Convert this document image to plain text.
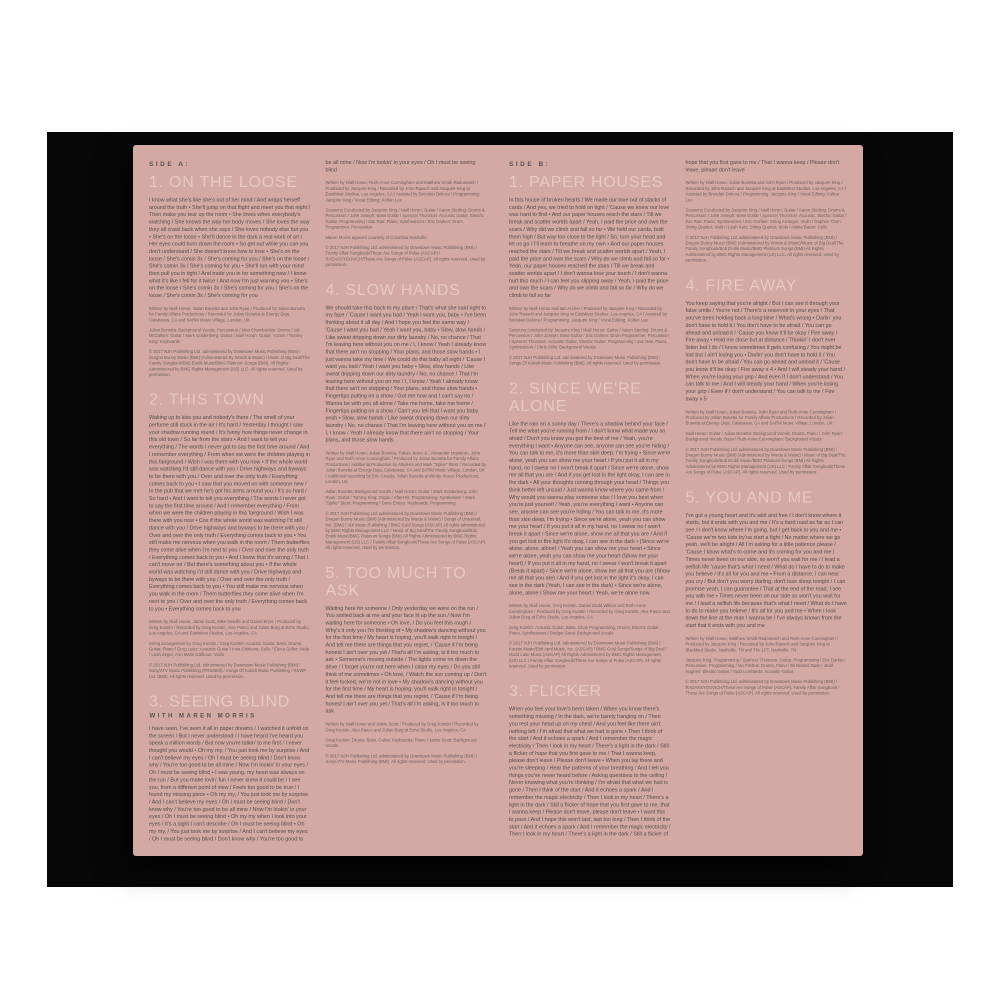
SIDE A:
1. ON THE LOOSE

I know what she's like she's out of her mind / And wraps herself around the truth • She'll jump on that flight and meet you that night / Then make you tear up the room • She loves when everybody's watching / She knows the way her body moves / She loves the way they all crawl back when she says / She loves nobody else but you • She's on the loose • She'll dance in the dark a real work of art / Her eyes could burn down the room • So get out while you can you don't understand / She doesn't know how to lose • She's on the loose / She's comin 3x / She's coming for you / She's on the loose / She's comin 3x / She's coming for you • She'll run with your mind then pull you in tight / And trade you in for something new / I know what it's like I fell for it twice / And now I'm just warning you • She's on the loose / She's comin 3x / She's coming for you / She's on the loose / She's comin 3x / She's coming for you

Written by Niall Horan, Julian Bunetta and John Ryan / Produced by Julian Bunetta for Family Affairs Productions / Recorded by Julian Bunetta at Energy Deja, Calabasas, CA and SARM Music Village, London, UK

Julian Bunetta: Background Vocals, Percussion / Matt Chamberlain: Drums / Val McCallum: Guitar / Mark Goldenberg: Guitar / Niall Horan: Guitar, Vocals / Tommy King: Keyboards

© 2017 NJH Publishing Ltd. administered by Downtown Music Publishing (BMI) / Dragon Bunny Music (BMI) (Administered By Words & Music) / Music of Big Deal/The Family Songbook/Bob Erotik Music/BMG Platinum Songs (BMI). All Rights Administered by BMG Rights Management (US) LLC. All rights reserved. Used by permission.

2. THIS TOWN

Waking up to kiss you and nobody's there / The smell of your perfume still stuck in the air / It's hard / Yesterday I thought I saw your shadow running round / It's funny how things never change in this old town / So far from the stars • And I want to tell you everything / The words I never got to say the first time around / And I remember everything / From when we were the children playing in this fairground / Wish I was there with you now • If the whole world was watching I'd still dance with you / Drive highways and byways to be there with you / Over and over the only truth / Everything comes back to you • I saw that you moved on with someone new / In the pub that we met he's got his arms around you / It's so hard / So hard • And I want to tell you everything / The words I never got to say the first time around / And I remember everything / From when we were the children playing in this fairground / Wish I was there with you now • Cos if the whole world was watching I'd still dance with you / Drive highways and byways to be there with you / Over and over the only truth / Everything comes back to you • You still make me nervous when you walk in the room / Them butterflies they come alive when I'm next to you / Over and over the only truth / Everything comes back to you • And I know that it's wrong / That I can't move on / But there's something about you • If the whole world was watching I'd still dance with you / Drive highways and byways to be there with you / Over and over the only truth / Everything comes back to you • You still make me nervous when you walk in the room / Them butterflies they come alive when I'm next to you / Over and over the only truth / Everything comes back to you • Everything comes back to you

Written by Niall Horan, Jamie Scott, Mike Needle and Daniel Bryer / Produced by Greg Kurstin / Recorded by Greg Kurstin, Alex Pasco and Julian Burg at Echo Studio, Los Angeles, CA and EastWest Studios, Los Angeles, CA

String arrangement by Greg Kurstin / Greg Kurstin: Acoustic Guitar, Bass, Drums, Guitar, Piano / Greg Leisz: Acoustic Guitar / Irina Chirkova: Cello / Elena Geller: Viola / Leah Zeger, Ann Marie Calhoun: Violin

© 2017 NJH Publishing Ltd. administered by Downtown Music Publishing (BMI) / Sony/ATV Music Publishing (PRS/BMI) / Songs Of Kobalt Music Publishing / RSWP Ltd. (BMI). All rights reserved. Used by permission.

3. SEEING BLIND
WITH MAREN MORRIS

I have seen, I've seen it all in paper dreams / I watched it unfold on the screen / But I never understood / I have heard I've heard you speak a million words / But now you're talkin' to me first / I never thought you would • Oh my my, / You just took me by surprise / And I can't believe my eyes / Oh I must be seeing blind / Don't know why / You're too good to be all mine / Now I'm lookin' in your eyes / Oh I must be seeing blind • I was young, my heart was always on the run / But you make lovin' fun I never knew it could be / I see you, from a different point of view / Feels too good to be true / I found my missing piece • Oh my my, / You just took me by surprise / And I can't believe my eyes / Oh I must be seeing blind / Don't know why / You're too good to be all mine / Now I'm lookin' in your eyes / Oh I must be seeing blind • Oh my my when I look into your eyes / It's a sight I can't describe / Oh I must be seeing blind • Oh my my, / You just took me by surprise / And I can't believe my eyes / Oh I must be seeing blind / Don't know why / You're too good to be all mine / Now I'm lookin' in your eyes / Oh I must be seeing blind

Written by Niall Horan, Ruth-Anne Cunningham and Matthew Smith Radosevich / Produced by Jacquire King / Recorded by John Rausch and Jacquire King at EastWest Studios, Los Angeles, CA / Assisted by Brendan Dekora / Programming: Jacquire King / Vocal Editing: Kolton Lee

Sessions Conducted by Jacquire King / Niall Horan: Guitar / Aaron Sterling: Drums & Percussion / John Joseph: Bass Guitar / Spencer Thomson: Acoustic Guitar, Electric Guitar, Programming / Zac Rae: Piano, Synthesizers / Eric Darken: Drum Programmer, Percussion

Maren Morris appears courtesy of Columbia Nashville

© 2017 NJH Publishing Ltd. administered by Downtown Music Publishing (BMI) / Family Affair Songbook/These Are Songs of Pulse (ASCAP) / RADASSYOUVICH/These Are Songs of Pulse (ASCAP). All rights reserved. Used by permission.

4. SLOW HANDS

We should take this back to my place / That's what she said right to my face / 'Cause I want you bad / Yeah I want you, baby • I've been thinking about it all day / And I hope you feel the same way / 'Cause I want you bad / Yeah I want you, baby • Slow, slow hands / Like sweat dripping down our dirty laundry / No, no chance / That I'm leaving here without you on me / I, I know / Yeah I already know that there ain't no stopping / Your plans, and those slow hands • I just wanna take my time / We could do this baby all night / 'Cause I want you bad / Yeah I want you baby • Slow, slow hands / Like sweat dripping down our dirty laundry / No, no chance / That I'm leaving here without you on me / I, I know / Yeah I already know that there ain't no stopping / Your plans, and those slow hands • Fingertips putting on a show / Got me now and I can't say no / Wanna be with you all alone / Take me home, take me home / Fingertips putting on a show / Can't you tell that I want you baby yeah • Slow, slow hands / Like sweat dripping down our dirty laundry / No, no chance / That I'm leaving here without you on me / I, I know / Yeah I already know that there ain't no stopping / Your plans, and those slow hands

Written by Niall Horan, Julian Bunetta, Tobias Jesso Jr., Alexander Izquierdo, John Ryan and Ruth-Anne Cunningham / Produced by Julian Bunetta for Family Affairs Productions / Additional Production by AfterHrs and Mark "Spike" Stent / Recorded by Julian Bunetta at Energy Deja, Calabasas, CA and SARM Music Village, London, UK / Additional recording by Eric Greedy, Julian Bunetta at Windy House Productions, London, UK

Julian Bunetta: Background Vocals / Niall Horan: Guitar / Mark Goldenberg, John Ryan: Guitar / Tommy King: Organ / AfterHrs: Programming, Synthesizer / Mark "Spike" Stent: Programming / Dave Emery: Keyboards, Programming

© 2017 NJH Publishing Ltd. administered by Downtown Music Publishing (BMI) / Dragon Bunny Music (BMI) (Administered by Words & Music) / Songs of Universal, Inc. (BMI) / AIX Music Publishing / BMG Gold Songs (ASCAP) All rights administered by BMG Rights Management LLC / Music of Big Deal/The Family Songbook/Bob Erotik Music/BMG Platinum Songs (BMI) All Rights Administered by BMG Rights Management (US) LLC / Family Affair Songbook/These Are Songs of Pulse (ASCAP). All rights reserved. Used by permission.

5. TOO MUCH TO ASK

Waiting here for someone / Only yesterday we were on the run / You smiled back at me and your face lit up the sun / Now I'm waiting here for someone • Oh love, / Do you feel this rough / Why's it only you I'm thinking of • My shadow's dancing without you for the first time / My heart is hoping, you'll walk right in tonight / And tell me there are things that you regret, / 'Cause if I'm being honest I ain't over you yet / That's all I'm asking, is it too much to ask • Someone's moving outside / The lights come on down the drive / I forget you're not here when I close my eyes / Do you still think of me sometimes • Oh love, / Watch the sun coming up / Don't it feel fucked, we're not in love • My shadow's dancing without you for the first time / My heart is hoping, you'll walk right in tonight / And tell me there are things that you regret, / 'Cause if I'm being honest I ain't over you yet / That's all I'm asking, is it too much to ask

Written by Niall Horan and Jamie Scott / Produced by Greg Kurstin / Recorded by Greg Kurstin, Alex Pasco and Julian Burg at Echo Studio, Los Angeles, CA

Greg Kurstin: Drums, Bass, Guitar, Keyboards, Piano / Jamie Scott: Background Vocals

© 2017 NJH Publishing Ltd. administered by Downtown Music Publishing (BMI) / Sony/ATV Music Publishing (BMI). All rights reserved. Used by permission.

SIDE B:
1. PAPER HOUSES

In this house of broken hearts / We made our love out of stacks of cards / And yes, we tried to hold on tight / 'Cause we knew our love was hard to find • And our paper houses reach the stars / Till we break and scatter worlds apart / Yeah, I paid the price and own the scars / Why did we climb and fall so far • We held our cards, built them high / But way too close to the light / So, turn your head and let us go / I'll learn to breathe on my own • And our paper houses reached the stars / Till we break and scatter worlds apart / Yeah, I paid the price and own the scars / Why do we climb and fall so far • Yeah, our paper houses reached the stars / Till we break and scatter worlds apart / I don't wanna lose your touch / I don't wanna hurt this much / I can feel you slipping away / Yeah, I paid the price and own the scars / Why do we climb and fall so far / Why do we climb to fall so far

Written by Niall Horan and Iain Archer / Produced by Jacquire King / Recorded by John Rausch and Jacquire King at EastWest Studios, Los Angeles, CA / Assisted by Brendan Dekora / Programming: Jacquire King / Vocal Editing: Kolton Lee

Sessions conducted by Jacquire King / Niall Horan: Guitar / Aaron Sterling: Drums & Percussion / John Joseph: Bass Guitar / Eric Darken: Drum Programmer, Percussion / Spencer Thomson: Acoustic Guitar, Electric Guitar, Programming / Zac Rae: Piano, Synthesizers / Chris Stills: Background Vocals

© 2017 NJH Publishing Ltd. administered by Downtown Music Publishing (BMI) / Songs Of Kobalt Music Publishing (BMI). All rights reserved. Used by permission.

2. SINCE WE'RE ALONE

Like the rain on a sunny day / There's a shadow behind your face / Tell me what you're running from / I don't know what made you so afraid / Don't you know you got the best of me / Yeah, you're everything I want • Anyone can see, anyone can see you're hiding / You can talk to me, it's more than skin deep, I'm trying • Since we're alone, yeah you can show me your heart / If you put it all in my hand, no I swear no I won't break it apart / Since we're alone, show me all that you are / And if you get lost in the light okay, I can see in the dark • All your thoughts running through your head / Things you think better left unsaid / Just wanna know where you came from / Why would you wanna play someone else / I love you best when you're just yourself / Yeah, you're everything I want • Anyone can see, anyone can see you're hiding / You can talk to me, it's more than skin deep, I'm trying • Since we're alone, yeah you can show me your heart / If you put it all in my hand, no I swear no I won't break it apart / Since we're alone, show me all that you are / And if you get lost in the light it's okay, I can see in the dark • (Since we're alone, alone, alone) / Yeah you can show me your heart • Since we're alone, yeah you can show me your heart (Show me your heart) / If you put it all in my hand, no I swear I won't break it apart (Break it apart) / Since we're alone, show me all that you are (Show me all that you are) / And if you get lost in the light it's okay, I can see in the dark (Yeah, I can see in the dark) • Since we're alone, alone, alone / Show me your heart / Yeah, we're alone now

Written by Niall Horan, Greg Kurstin, Daniel Dodd Wilson and Ruth-Anne Cunningham / Produced by Greg Kurstin / Recorded by Greg Kurstin, Alex Pasco and Julian Burg at Echo Studio, Los Angeles, CA

Greg Kurstin: Acoustic Guitar, Bass, Drum Programming, Drums, Electric Guitar, Piano, Synthesizers / Bridget Sarai: Background Vocals

© 2017 NJH Publishing Ltd. administered by Downtown Music Publishing (BMI) / Kurstin Music/EMI April Music, Inc. (ASCAP) / BMG Gold Songs/Songs of Big Deal / Dodd Lake Music (ASCAP) All Rights Administered by BMG Rights Management (US) LLC / Family Affair Songbook/These Are Songs of Pulse (ASCAP). All rights reserved. Used by permission.

3. FLICKER

When you feel your love's been taken / When you know there's something missing / In the dark, we're barely hanging on / Then you rest your head up on my chest / And you feel like there ain't nothing left / I'm afraid that what we had is gone • Then I think of the start / And it echoes a spark / And I remember the magic electricity / Then I look in my heart / There's a light in the dark / Still a flicker of hope that you first gave to me / That I wanna keep, please don't leave / Please don't leave • When you lay there and you're sleeping / Hear the patterns of your breathing / And I tell you things you've never heard before / Asking questions to the ceiling / Never knowing what you're thinking / I'm afraid that what we had is gone / Then I think of the start / And it echoes a spark / And I remember the magic electricity / Then I look in my heart / There's a light in the dark / Still a flicker of hope that you first gave to me, that I wanna keep / Please don't leave, please don't leave • I want this to pass / And I hope this won't last, last too long / Then I think of the start / And it echoes a spark / And I remember the magic electricity / Then I look in my heart / There's a light in the dark / Still a flicker of hope that you first gave to me / That I wanna keep / Please don't leave, please don't leave

Written by Niall Horan, Julian Bunetta and John Ryan / Produced by Jacquire King / Recorded by John Rausch and Jacquire King at EastWest Studios, Los Angeles, CA / Assisted by Brendan Dekora / Programming: Jacquire King / Vocal Editing: Kolton Lee

Sessions Conducted by Jacquire King / Niall Horan: Guitar / Aaron Sterling: Drums & Percussion / John Joseph: Bass Guitar / Spencer Thomson: Acoustic, Electric Guitar / Zac Rae: Piano, Synthesizers / Eric Gorfain: String Arranger, Violin / Daphne Chen: String Quartet, Violin / Leah Katz: String Quartet, Viola / Alisha Bauer: Cello

© 2017 NJH Publishing Ltd. administered by Downtown Music Publishing (BMI) / Dragon Bunny Music (BMI) (Administered by Words & Music)/Music of Big Deal/The Family Songbook/Bob Erotik Music/BMG Platinum Songs (BMI) All Rights Administered by BMG Rights Management (US) LLC. All rights reserved. Used by permission.

4. FIRE AWAY

You keep saying that you're alright / But I can see it through your false smile / You're not / There's a reservoir in your eyes / That you've been holding back a long time / What's wrong • Darlin' you don't have to hold it / You don't have to be afraid / You can go ahead and unload it / 'Cause you know it'll be okay / Fire away / Fire away • Hold me close but at distance / Thinkin' I don't ever listen but I do / I know sometimes it gets confusing / You might be lost but I ain't losing you • Darlin' you don't have to hold it / You don't have to be afraid / You can go ahead and unload it / 'Cause you know it'll be okay / Fire away x 4 • And I will steady your hand / When you're losing your grip / And even if I don't understand / You can talk to me / And I will steady your hand / When you're losing your grip / Even if I don't understand / You can talk to me / Fire away x 5

Written by Niall Horan, Julian Bunetta, John Ryan and Ruth-Anne Cunningham / Produced by Julian Bunetta for Family Affairs Productions / Recorded by Julian Bunetta at Energy Deja, Calabasas, CA and SARM Music Village, London, UK

Niall Horan: Guitar / Julian Bunetta: Background Vocals, Drums, Piano / John Ryan: Background Vocals, Bass / Ruth-Anne Cunningham: Background Vocals

© 2017 NJH Publishing Ltd. administered by Downtown Music Publishing (BMI) / Dragon Bunny Music (BMI) (Administered by Words & Music) / Music of Big Deal/The Family Songbook/Bob Erotik Music/BMG Platinum Songs (BMI) All Rights Administered by BMG Rights Management (US) LLC / Family Affair Songbook/These Are Songs of Pulse (ASCAP). All rights reserved. Used by permission.

5. YOU AND ME

I've got a young heart and it's wild and free / I don't know where it starts, but it ends with you and me / It's a hard road as far as I can see / I don't know where I'm going, but I get back to you and me • 'Cause we're two kids try'na start a fight / No matter where we go yeah, we'll be alright / All I'm asking for a little patience please / 'Cause I know what's to come and it's coming for you and me / Times never been on our side, so won't you wait for me / I lead a selfish life 'cause that's what I need / What do I have to do to make you believe / It's all for you and me • From a distance, I can hear you cry / But don't you worry darling, don't lose sleep tonight / I can promise yeah, I can guarantee / That at the end of the road, I see you with me • Times never been on our side so won't you wait for me / I lead a selfish life because that's what I need / What do I have to do to make you believe / It's all for you and me • When I look down the line at the man I wanna be / I've always known from the start that it ends with you and me

Written by Niall Horan, Matthew Smith Radosevich and Ruth-Anne Cunningham / Produced by Jacquire King / Recorded by John Rausch and Jacquire King at Blackbird Studio, Nashville, TN and The LFT, Nashville, TN

Jacquire King: Programming / Spencer Thomson: Guitar, Programming / Eric Darken: Percussion, Programming / Ian Fitchuk: Drums, Piano / Eli Beaird: Bass / Jedd Hughes: Electric Guitar / Todd Lombardo: Acoustic Guitar

© 2017 NJH Publishing Ltd. administered by Downtown Music Publishing (BMI) / RADASSYOUVICH/These Are Songs of Pulse (ASCAP), Family Affair Songbook / These Are Songs of Pulse (ASCAP). All rights reserved. Used by permission.
